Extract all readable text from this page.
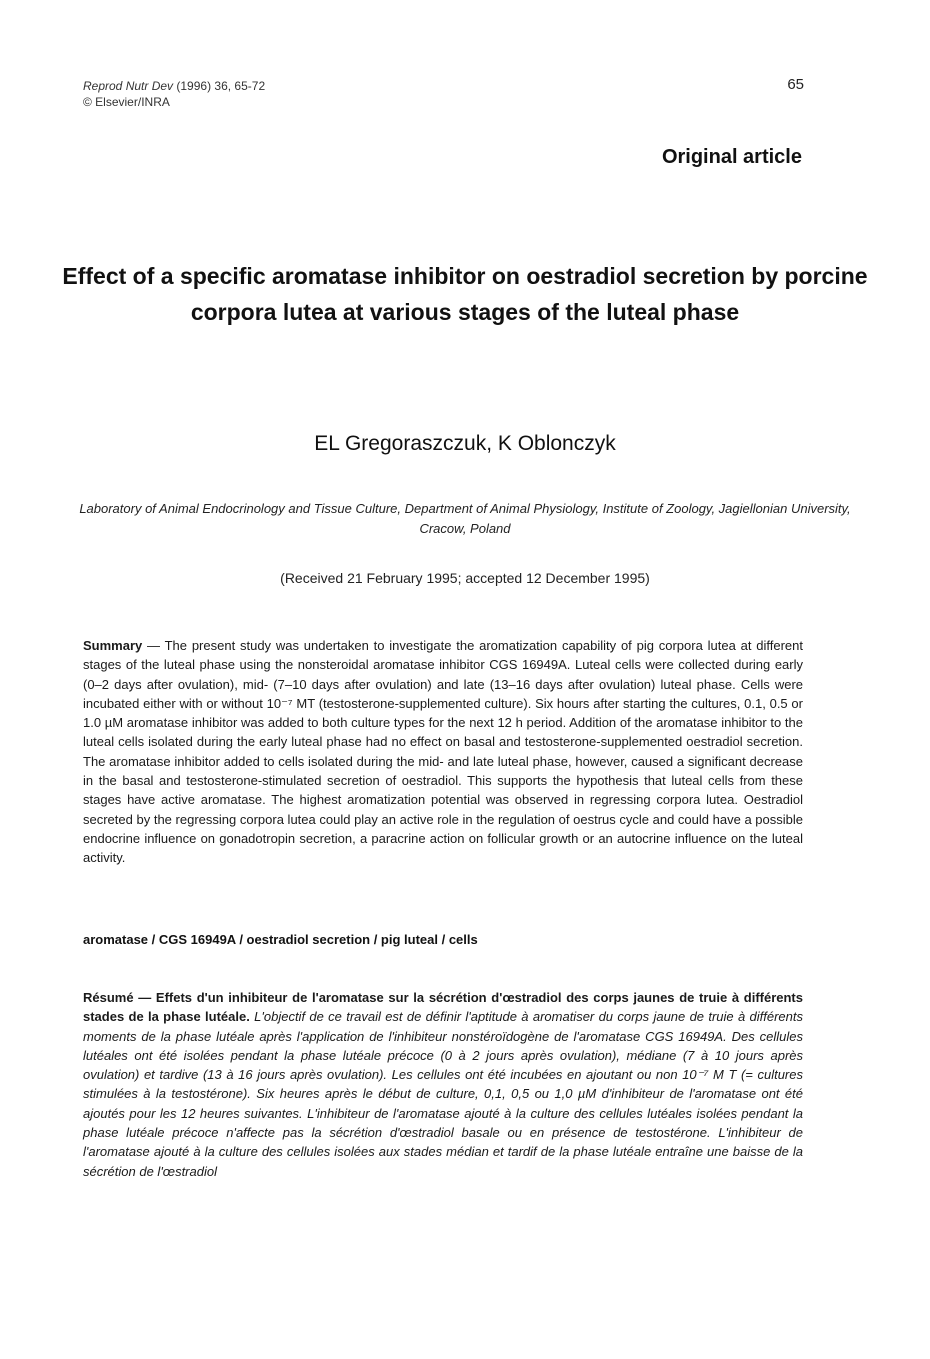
Reprod Nutr Dev (1996) 36, 65-72
© Elsevier/INRA
65
Original article
Effect of a specific aromatase inhibitor on oestradiol secretion by porcine corpora lutea at various stages of the luteal phase
EL Gregoraszczuk, K Oblonczyk
Laboratory of Animal Endocrinology and Tissue Culture, Department of Animal Physiology, Institute of Zoology, Jagiellonian University, Cracow, Poland
(Received 21 February 1995; accepted 12 December 1995)
Summary — The present study was undertaken to investigate the aromatization capability of pig corpora lutea at different stages of the luteal phase using the nonsteroidal aromatase inhibitor CGS 16949A. Luteal cells were collected during early (0–2 days after ovulation), mid- (7–10 days after ovulation) and late (13–16 days after ovulation) luteal phase. Cells were incubated either with or without 10⁻⁷ MT (testosterone-supplemented culture). Six hours after starting the cultures, 0.1, 0.5 or 1.0 µM aromatase inhibitor was added to both culture types for the next 12 h period. Addition of the aromatase inhibitor to the luteal cells isolated during the early luteal phase had no effect on basal and testosterone-supplemented oestradiol secretion. The aromatase inhibitor added to cells isolated during the mid- and late luteal phase, however, caused a significant decrease in the basal and testosterone-stimulated secretion of oestradiol. This supports the hypothesis that luteal cells from these stages have active aromatase. The highest aromatization potential was observed in regressing corpora lutea. Oestradiol secreted by the regressing corpora lutea could play an active role in the regulation of oestrus cycle and could have a possible endocrine influence on gonadotropin secretion, a paracrine action on follicular growth or an autocrine influence on the luteal activity.
aromatase / CGS 16949A / oestradiol secretion / pig luteal / cells
Résumé — Effets d'un inhibiteur de l'aromatase sur la sécrétion d'œstradiol des corps jaunes de truie à différents stades de la phase lutéale. L'objectif de ce travail est de définir l'aptitude à aromatiser du corps jaune de truie à différents moments de la phase lutéale après l'application de l'inhibiteur nonstéroïdogène de l'aromatase CGS 16949A. Des cellules lutéales ont été isolées pendant la phase lutéale précoce (0 à 2 jours après ovulation), médiane (7 à 10 jours après ovulation) et tardive (13 à 16 jours après ovulation). Les cellules ont été incubées en ajoutant ou non 10⁻⁷ M T (= cultures stimulées à la testostérone). Six heures après le début de culture, 0,1, 0,5 ou 1,0 µM d'inhibiteur de l'aromatase ont été ajoutés pour les 12 heures suivantes. L'inhibiteur de l'aromatase ajouté à la culture des cellules lutéales isolées pendant la phase lutéale précoce n'affecte pas la sécrétion d'œstradiol basale ou en présence de testostérone. L'inhibiteur de l'aromatase ajouté à la culture des cellules isolées aux stades médian et tardif de la phase lutéale entraîne une baisse de la sécrétion de l'œstradiol
